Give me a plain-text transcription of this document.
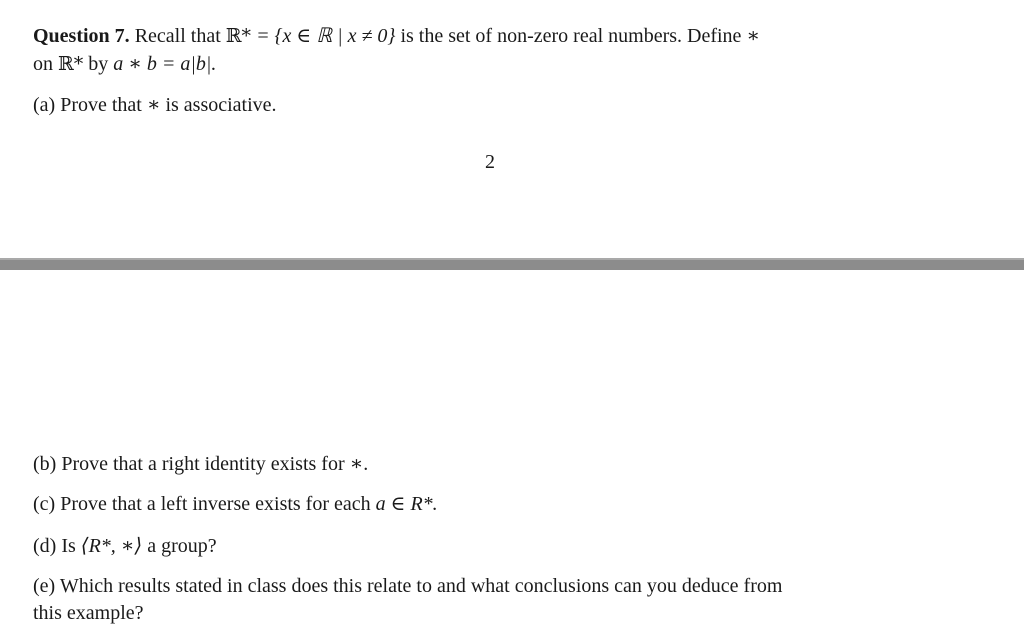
Question 7. Recall that ℝ* = {x ∈ ℝ | x ≠ 0} is the set of non-zero real numbers. Define ∗
on ℝ* by a ∗ b = a|b|.
(a) Prove that ∗ is associative.
2
(b) Prove that a right identity exists for ∗.
(c) Prove that a left inverse exists for each a ∈ R*.
(d) Is ⟨R*, ∗⟩ a group?
(e) Which results stated in class does this relate to and what conclusions can you deduce from
this example?
